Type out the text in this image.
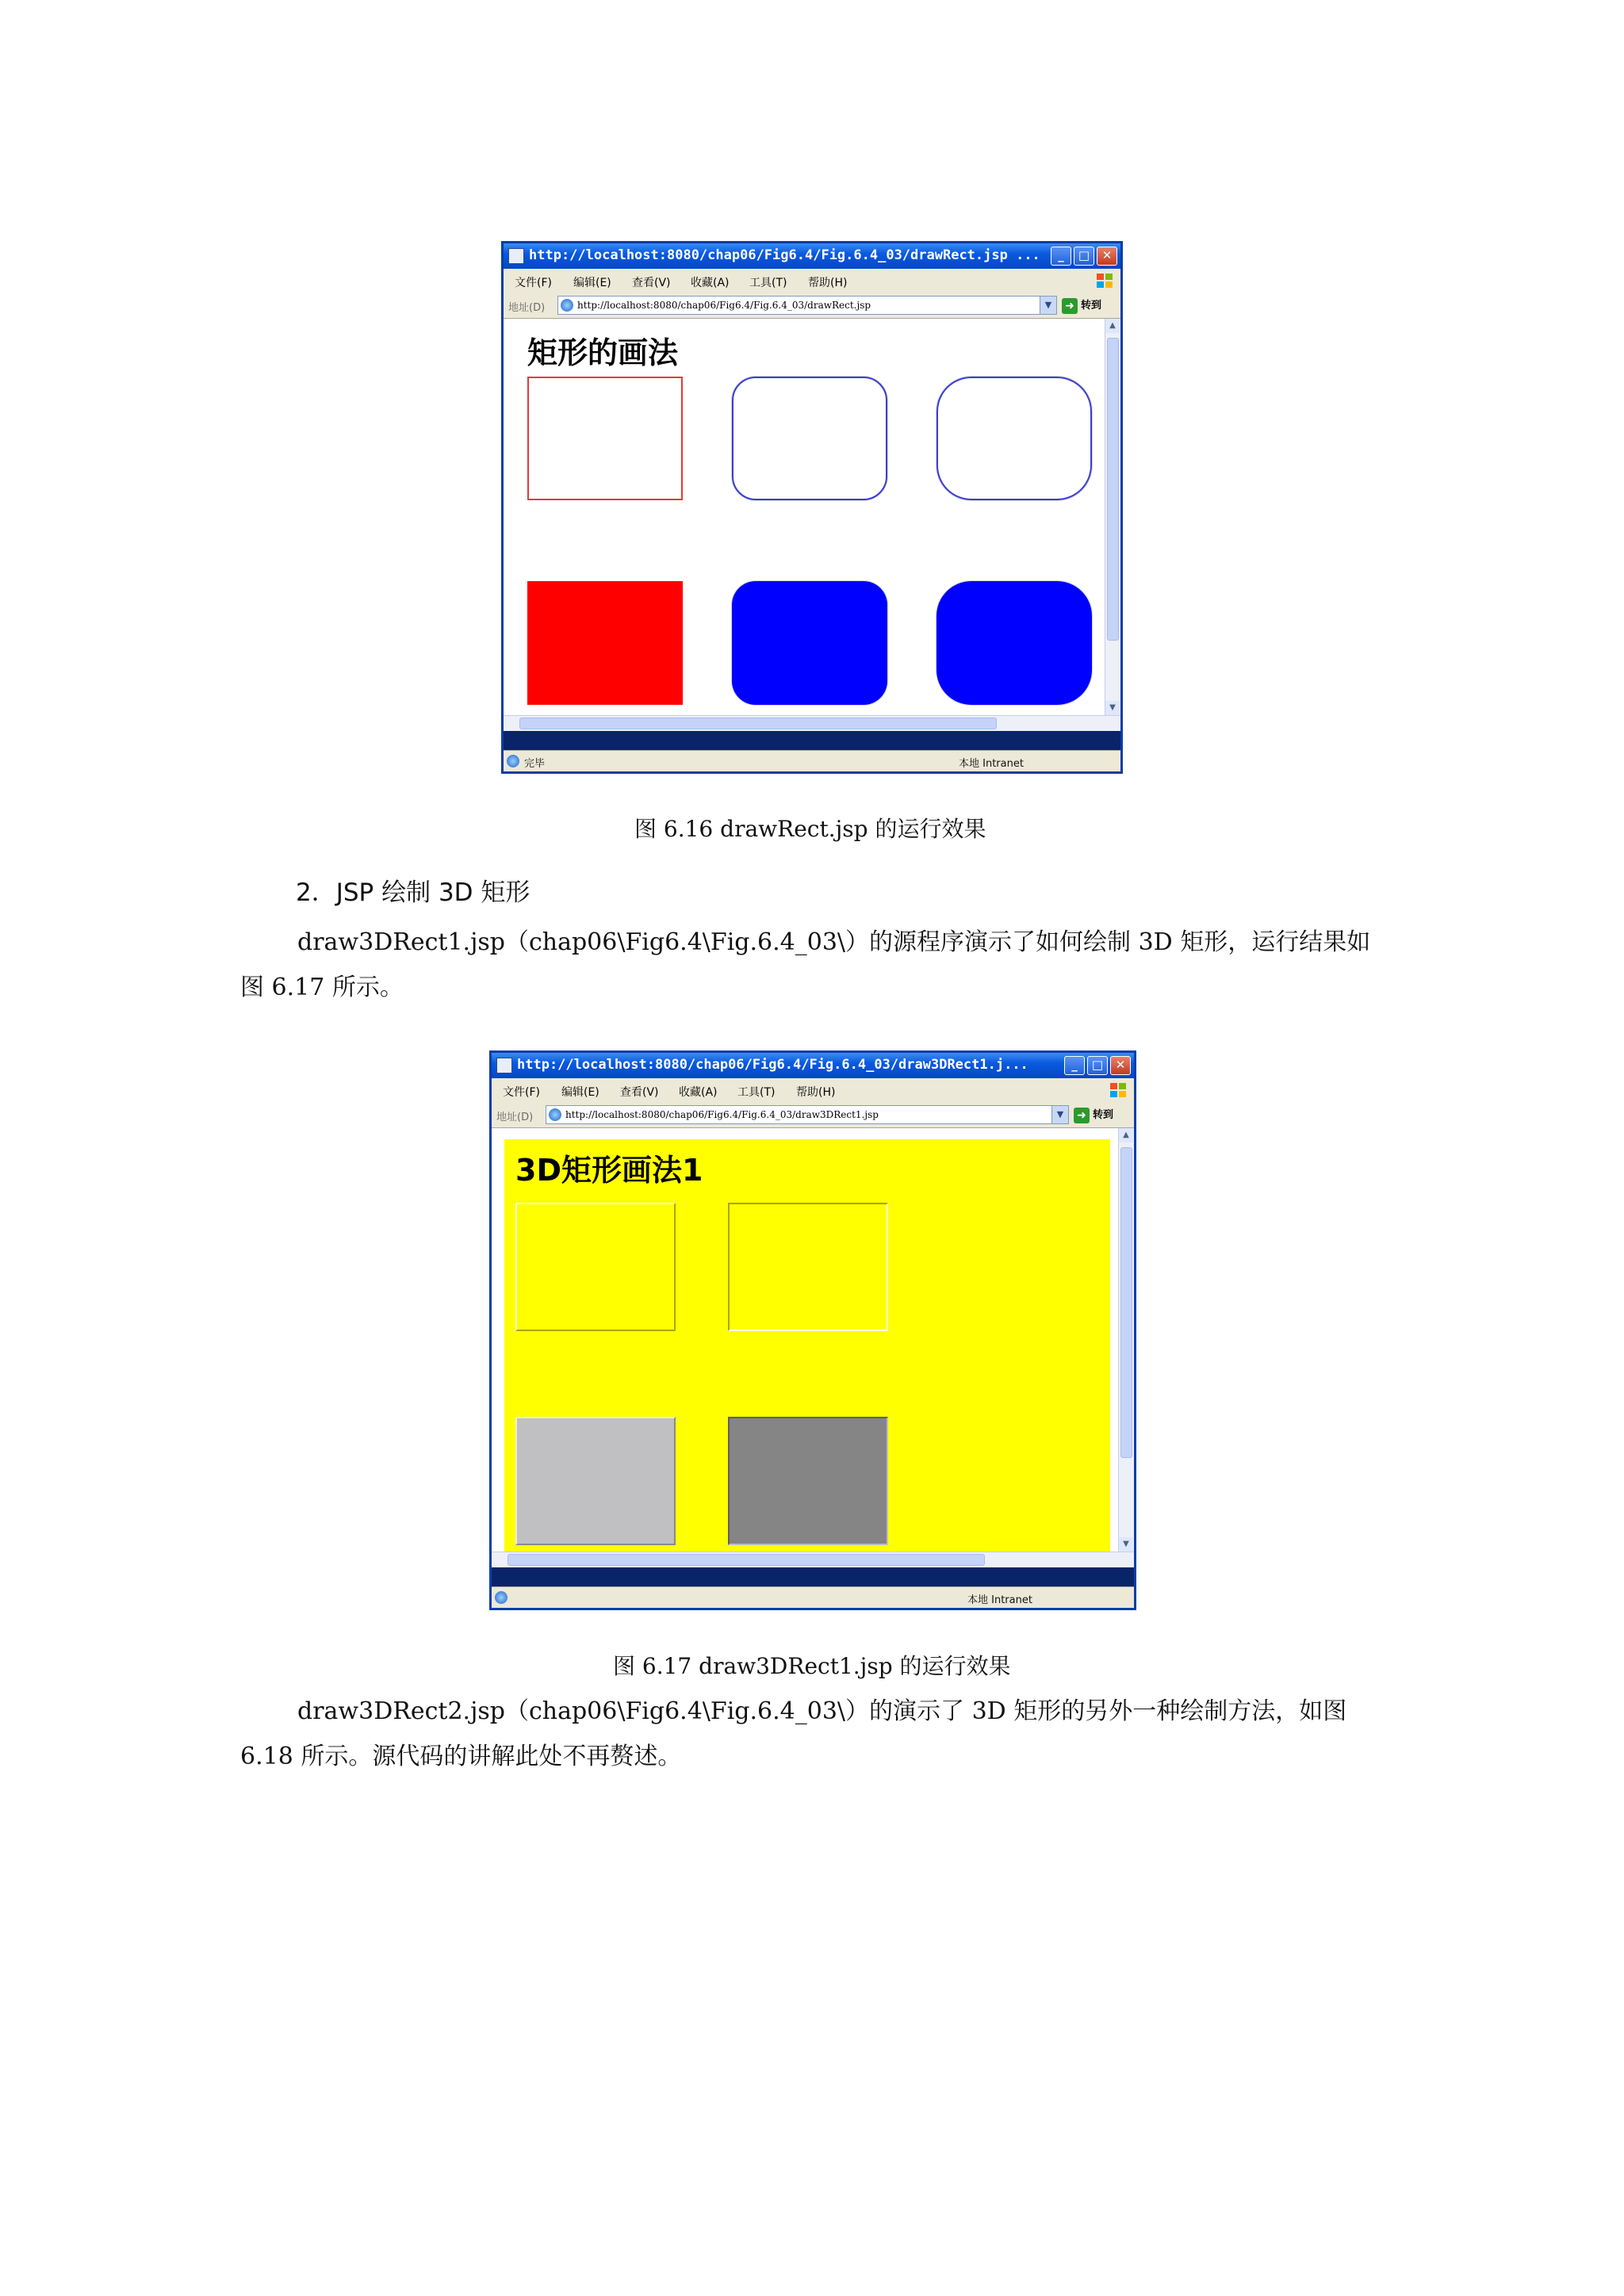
http://localhost:8080/chap06/Fig6.4/Fig.6.4_03/drawRect.jsp ...	_	□	✕
文件(F) 编辑(E) 查看(V) 收藏(A) 工具(T) 帮助(H)
地址(D)	http://localhost:8080/chap06/Fig6.4/Fig.6.4_03/drawRect.jsp	▼	➜ 转到
矩形的画法
▲
▼
完毕	本地 Intranet
图 6.16 drawRect.jsp 的运行效果
2．JSP 绘制 3D 矩形
draw3DRect1.jsp（chap06\Fig6.4\Fig.6.4_03\）的源程序演示了如何绘制 3D 矩形，运行结果如图 6.17 所示。
http://localhost:8080/chap06/Fig6.4/Fig.6.4_03/draw3DRect1.j...	_	□	✕
文件(F) 编辑(E) 查看(V) 收藏(A) 工具(T) 帮助(H)
地址(D)	http://localhost:8080/chap06/Fig6.4/Fig.6.4_03/draw3DRect1.jsp	▼	➜ 转到
3D矩形画法1
▲
▼
本地 Intranet
图 6.17 draw3DRect1.jsp 的运行效果
draw3DRect2.jsp（chap06\Fig6.4\Fig.6.4_03\）的演示了 3D 矩形的另外一种绘制方法，如图 6.18 所示。源代码的讲解此处不再赘述。
